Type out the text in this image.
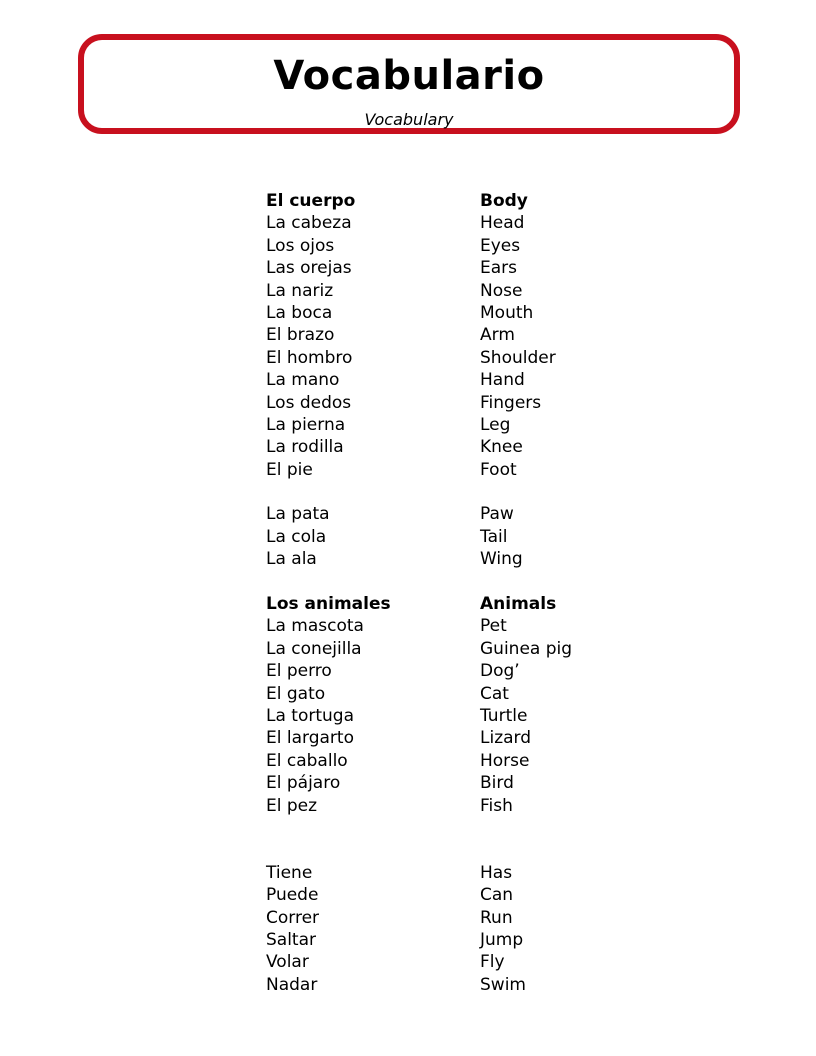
Vocabulario
Vocabulary
El cuerpo	Body
La cabeza	Head
Los ojos	Eyes
Las orejas	Ears
La nariz	Nose
La boca	Mouth
El brazo	Arm
El hombro	Shoulder
La mano	Hand
Los dedos	Fingers
La pierna	Leg
La rodilla	Knee
El pie	Foot
La pata	Paw
La cola	Tail
La ala	Wing
Los animales	Animals
La mascota	Pet
La conejilla	Guinea pig
El perro	Dog’
El gato	Cat
La tortuga	Turtle
El largarto	Lizard
El caballo	Horse
El pájaro	Bird
El pez	Fish
Tiene	Has
Puede	Can
Correr	Run
Saltar	Jump
Volar	Fly
Nadar	Swim
